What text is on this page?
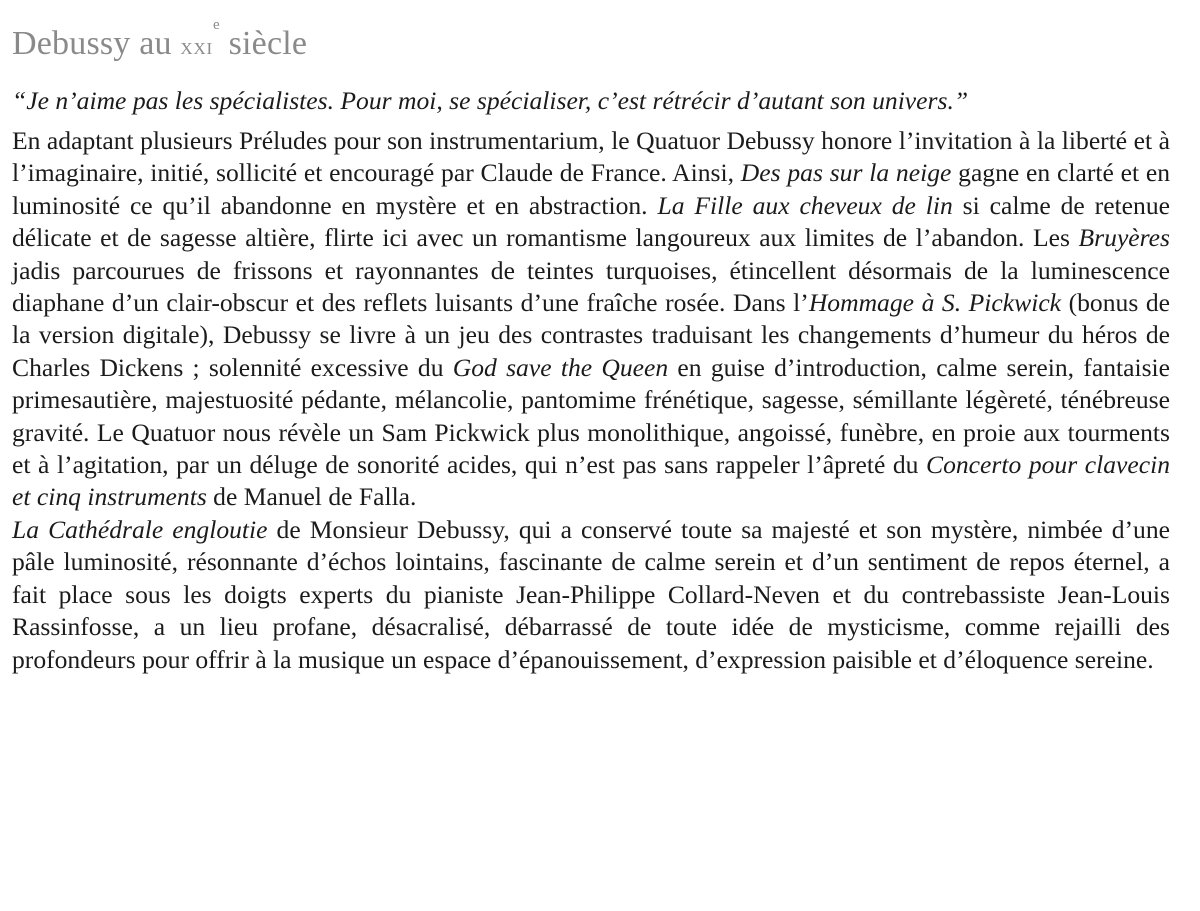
Debussy au xxi$^e$ siècle

“Je n’aime pas les spécialistes. Pour moi, se spécialiser, c’est rétrécir d’autant son univers.”

En adaptant plusieurs Préludes pour son instrumentarium, le Quatuor Debussy honore l’invitation à la liberté et à l’imaginaire, initié, sollicité et encouragé par Claude de France. Ainsi, Des pas sur la neige gagne en clarté et en luminosité ce qu’il abandonne en mystère et en abstraction. La Fille aux cheveux de lin si calme de retenue délicate et de sagesse altière, flirte ici avec un romantisme langoureux aux limites de l’abandon. Les Bruyères jadis parcourues de frissons et rayonnantes de teintes turquoises, étincellent désormais de la luminescence diaphane d’un clair-obscur et des reflets luisants d’une fraîche rosée. Dans l’Hommage à S. Pickwick (bonus de la version digitale), Debussy se livre à un jeu des contrastes traduisant les changements d’humeur du héros de Charles Dickens ; solennité excessive du God save the Queen en guise d’introduction, calme serein, fantaisie primesautière, majestuosité pédante, mélancolie, pantomime frénétique, sagesse, sémillante légèreté, ténébreuse gravité. Le Quatuor nous révèle un Sam Pickwick plus monolithique, angoissé, funèbre, en proie aux tourments et à l’agitation, par un déluge de sonorité acides, qui n’est pas sans rappeler l’âpreté du Concerto pour clavecin et cinq instruments de Manuel de Falla.

La Cathédrale engloutie de Monsieur Debussy, qui a conservé toute sa majesté et son mystère, nimbée d’une pâle luminosité, résonnante d’échos lointains, fascinante de calme serein et d’un sentiment de repos éternel, a fait place sous les doigts experts du pianiste Jean-Philippe Collard-Neven et du contrebassiste Jean-Louis Rassinfosse, a un lieu profane, désacralisé, débarrassé de toute idée de mysticisme, comme rejailli des profondeurs pour offrir à la musique un espace d’épanouissement, d’expression paisible et d’éloquence sereine.
